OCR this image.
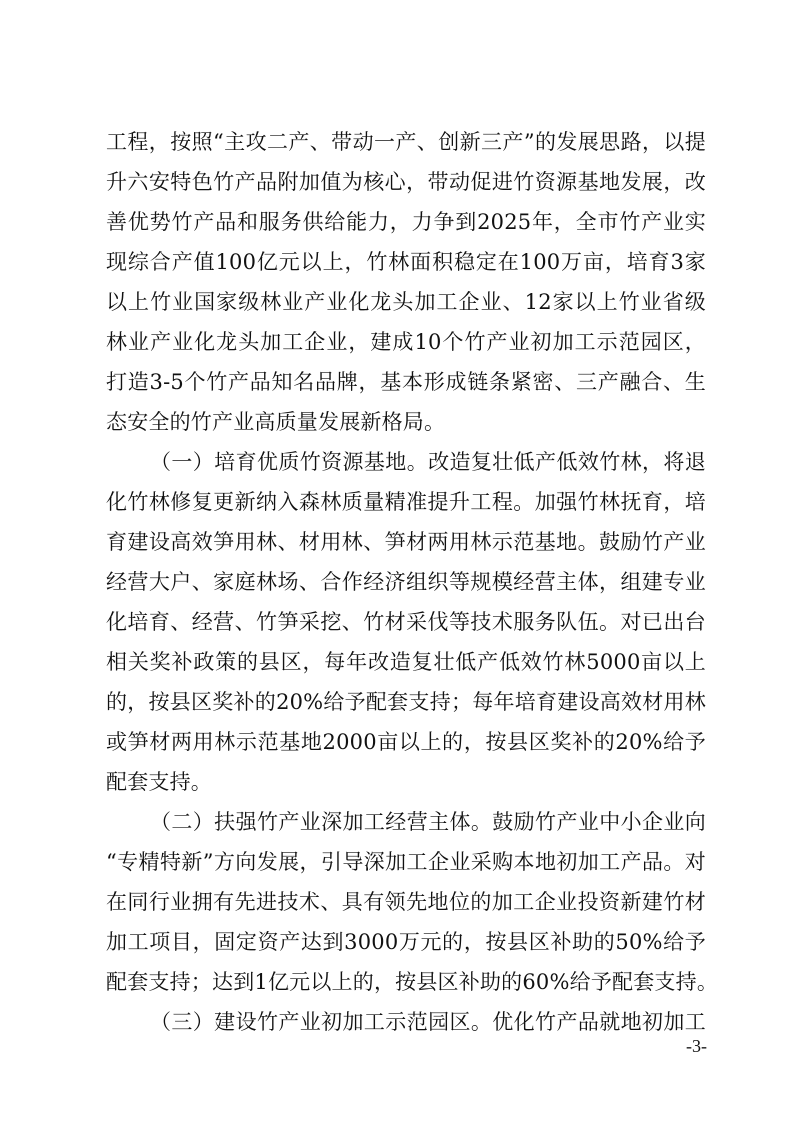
工程，按照“主攻二产、带动一产、创新三产”的发展思路，以提
升六安特色竹产品附加值为核心，带动促进竹资源基地发展，改
善优势竹产品和服务供给能力，力争到2025年，全市竹产业实
现综合产值100亿元以上，竹林面积稳定在100万亩，培育3家
以上竹业国家级林业产业化龙头加工企业、12家以上竹业省级
林业产业化龙头加工企业，建成10个竹产业初加工示范园区，
打造3-5个竹产品知名品牌，基本形成链条紧密、三产融合、生
态安全的竹产业高质量发展新格局。
（一）培育优质竹资源基地。改造复壮低产低效竹林，将退
化竹林修复更新纳入森林质量精准提升工程。加强竹林抚育，培
育建设高效笋用林、材用林、笋材两用林示范基地。鼓励竹产业
经营大户、家庭林场、合作经济组织等规模经营主体，组建专业
化培育、经营、竹笋采挖、竹材采伐等技术服务队伍。对已出台
相关奖补政策的县区，每年改造复壮低产低效竹林5000亩以上
的，按县区奖补的20%给予配套支持；每年培育建设高效材用林
或笋材两用林示范基地2000亩以上的，按县区奖补的20%给予
配套支持。
（二）扶强竹产业深加工经营主体。鼓励竹产业中小企业向
“专精特新”方向发展，引导深加工企业采购本地初加工产品。对
在同行业拥有先进技术、具有领先地位的加工企业投资新建竹材
加工项目，固定资产达到3000万元的，按县区补助的50%给予
配套支持；达到1亿元以上的，按县区补助的60%给予配套支持。
（三）建设竹产业初加工示范园区。优化竹产品就地初加工
-3-
